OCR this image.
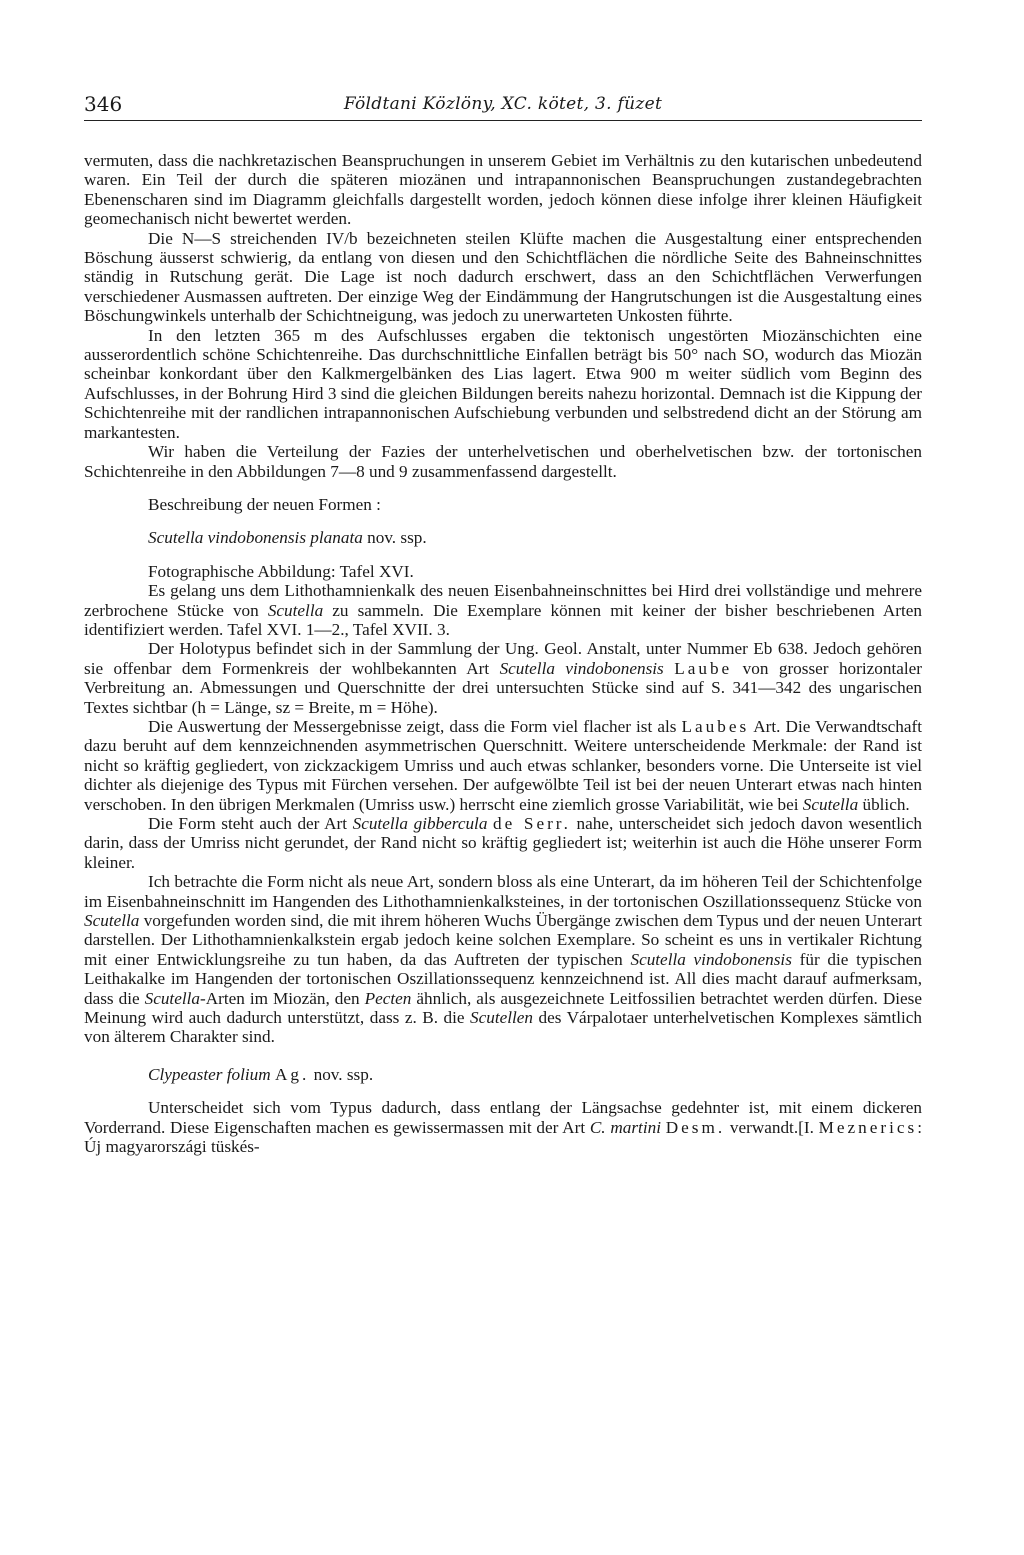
346	Földtani Közlöny, XC. kötet, 3. füzet

vermuten, dass die nachkretazischen Beanspruchungen in unserem Gebiet im Verhältnis zu den kutarischen unbedeutend waren. Ein Teil der durch die späteren miozänen und intrapannonischen Beanspruchungen zustandegebrachten Ebenenscharen sind im Diagramm gleichfalls dargestellt worden, jedoch können diese infolge ihrer kleinen Häufigkeit geomechanisch nicht bewertet werden.

Die N—S streichenden IV/b bezeichneten steilen Klüfte machen die Ausgestaltung einer entsprechenden Böschung äusserst schwierig, da entlang von diesen und den Schichtflächen die nördliche Seite des Bahneinschnittes ständig in Rutschung gerät. Die Lage ist noch dadurch erschwert, dass an den Schichtflächen Verwerfungen verschiedener Ausmassen auftreten. Der einzige Weg der Eindämmung der Hangrutschungen ist die Ausgestaltung eines Böschungwinkels unterhalb der Schichtneigung, was jedoch zu unerwarteten Unkosten führte.

In den letzten 365 m des Aufschlusses ergaben die tektonisch ungestörten Miozänschichten eine ausserordentlich schöne Schichtenreihe. Das durchschnittliche Einfallen beträgt bis 50° nach SO, wodurch das Miozän scheinbar konkordant über den Kalkmergelbänken des Lias lagert. Etwa 900 m weiter südlich vom Beginn des Aufschlusses, in der Bohrung Hird 3 sind die gleichen Bildungen bereits nahezu horizontal. Demnach ist die Kippung der Schichtenreihe mit der randlichen intrapannonischen Aufschiebung verbunden und selbstredend dicht an der Störung am markantesten.

Wir haben die Verteilung der Fazies der unterhelvetischen und oberhelvetischen bzw. der tortonischen Schichtenreihe in den Abbildungen 7—8 und 9 zusammenfassend dargestellt.

Beschreibung der neuen Formen :

Scutella vindobonensis planata nov. ssp.

Fotographische Abbildung: Tafel XVI.

Es gelang uns dem Lithothamnienkalk des neuen Eisenbahneinschnittes bei Hird drei vollständige und mehrere zerbrochene Stücke von Scutella zu sammeln. Die Exemplare können mit keiner der bisher beschriebenen Arten identifiziert werden. Tafel XVI. 1—2., Tafel XVII. 3.

Der Holotypus befindet sich in der Sammlung der Ung. Geol. Anstalt, unter Nummer Eb 638. Jedoch gehören sie offenbar dem Formenkreis der wohlbekannten Art Scutella vindobonensis Laube von grosser horizontaler Verbreitung an. Abmessungen und Querschnitte der drei untersuchten Stücke sind auf S. 341—342 des ungarischen Textes sichtbar (h = Länge, sz = Breite, m = Höhe).

Die Auswertung der Messergebnisse zeigt, dass die Form viel flacher ist als Laubes Art. Die Verwandtschaft dazu beruht auf dem kennzeichnenden asymmetrischen Querschnitt. Weitere unterscheidende Merkmale: der Rand ist nicht so kräftig gegliedert, von zickzackigem Umriss und auch etwas schlanker, besonders vorne. Die Unterseite ist viel dichter als diejenige des Typus mit Fürchen versehen. Der aufgewölbte Teil ist bei der neuen Unterart etwas nach hinten verschoben. In den übrigen Merkmalen (Umriss usw.) herrscht eine ziemlich grosse Variabilität, wie bei Scutella üblich.

Die Form steht auch der Art Scutella gibbercula de Serr. nahe, unterscheidet sich jedoch davon wesentlich darin, dass der Umriss nicht gerundet, der Rand nicht so kräftig gegliedert ist; weiterhin ist auch die Höhe unserer Form kleiner.

Ich betrachte die Form nicht als neue Art, sondern bloss als eine Unterart, da im höheren Teil der Schichtenfolge im Eisenbahneinschnitt im Hangenden des Lithothamnienkalksteines, in der tortonischen Oszillationssequenz Stücke von Scutella vorgefunden worden sind, die mit ihrem höheren Wuchs Übergänge zwischen dem Typus und der neuen Unterart darstellen. Der Lithothamnienkalkstein ergab jedoch keine solchen Exemplare. So scheint es uns in vertikaler Richtung mit einer Entwicklungsreihe zu tun haben, da das Auftreten der typischen Scutella vindobonensis für die typischen Leithakalke im Hangenden der tortonischen Oszillationssequenz kennzeichnend ist. All dies macht darauf aufmerksam, dass die Scutella-Arten im Miozän, den Pecten ähnlich, als ausgezeichnete Leitfossilien betrachtet werden dürfen. Diese Meinung wird auch dadurch unterstützt, dass z. B. die Scutellen des Várpalotaer unterhelvetischen Komplexes sämtlich von älterem Charakter sind.

Clypeaster folium Ag. nov. ssp.

Unterscheidet sich vom Typus dadurch, dass entlang der Längsachse gedehnter ist, mit einem dickeren Vorderrand. Diese Eigenschaften machen es gewissermassen mit der Art C. martini Desm. verwandt.[I. Meznerics: Új magyarországi tüskés-
